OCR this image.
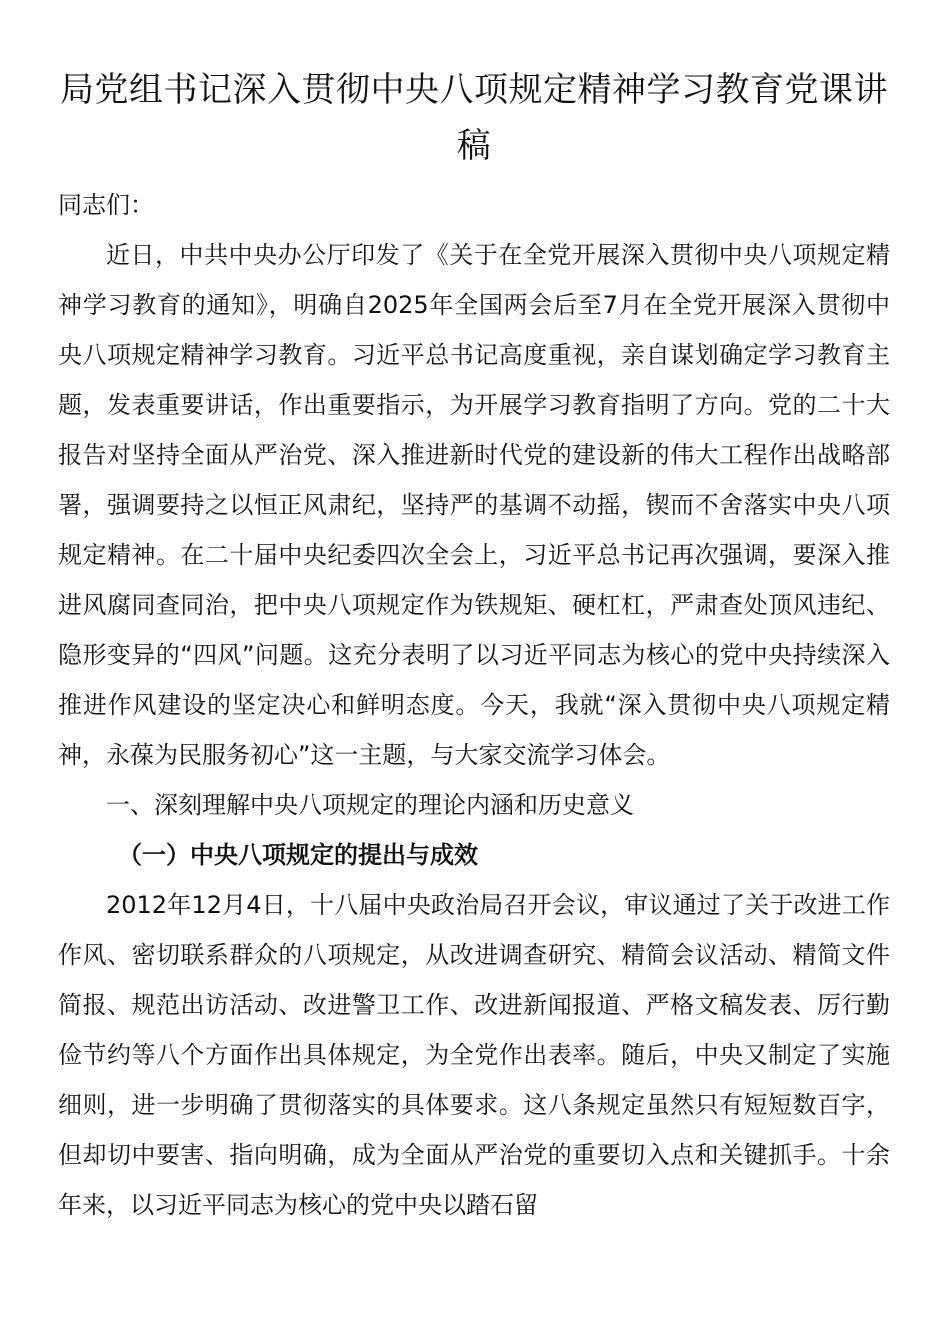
局党组书记深入贯彻中央八项规定精神学习教育党课讲稿

同志们：

近日，中共中央办公厅印发了《关于在全党开展深入贯彻中央八项规定精神学习教育的通知》，明确自2025年全国两会后至7月在全党开展深入贯彻中央八项规定精神学习教育。习近平总书记高度重视，亲自谋划确定学习教育主题，发表重要讲话，作出重要指示，为开展学习教育指明了方向。党的二十大报告对坚持全面从严治党、深入推进新时代党的建设新的伟大工程作出战略部署，强调要持之以恒正风肃纪，坚持严的基调不动摇，锲而不舍落实中央八项规定精神。在二十届中央纪委四次全会上，习近平总书记再次强调，要深入推进风腐同查同治，把中央八项规定作为铁规矩、硬杠杠，严肃查处顶风违纪、隐形变异的“四风”问题。这充分表明了以习近平同志为核心的党中央持续深入推进作风建设的坚定决心和鲜明态度。今天，我就“深入贯彻中央八项规定精神，永葆为民服务初心”这一主题，与大家交流学习体会。

一、深刻理解中央八项规定的理论内涵和历史意义

（一）中央八项规定的提出与成效

2012年12月4日，十八届中央政治局召开会议，审议通过了关于改进工作作风、密切联系群众的八项规定，从改进调查研究、精简会议活动、精简文件简报、规范出访活动、改进警卫工作、改进新闻报道、严格文稿发表、厉行勤俭节约等八个方面作出具体规定，为全党作出表率。随后，中央又制定了实施细则，进一步明确了贯彻落实的具体要求。这八条规定虽然只有短短数百字，但却切中要害、指向明确，成为全面从严治党的重要切入点和关键抓手。十余年来，以习近平同志为核心的党中央以踏石留
